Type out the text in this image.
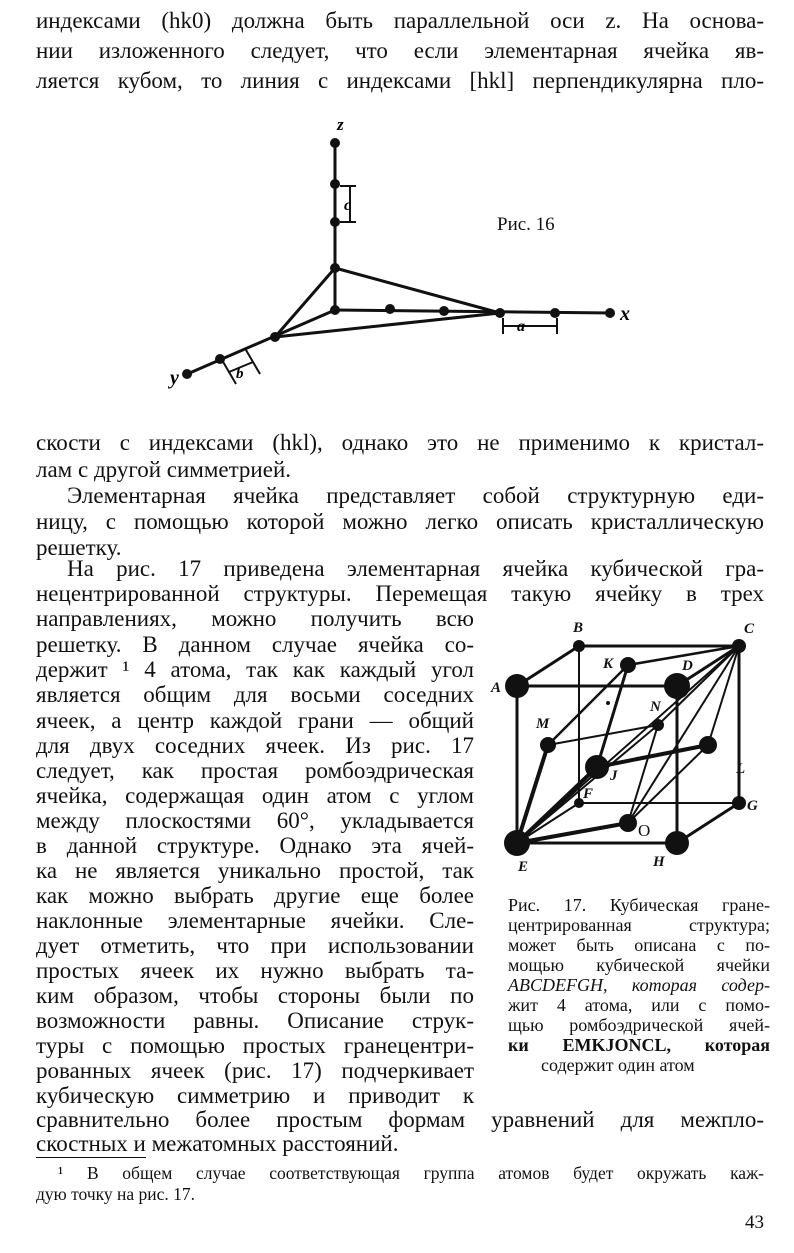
индексами (hk0) должна быть параллельной оси z. На основа-
нии изложенного следует, что если элементарная ячейка яв-
ляется кубом, то линия с индексами [hkl] перпендикулярна пло-
z
x
y
c
a
b
Рис. 16
скости с индексами (hkl), однако это не применимо к кристал-
лам с другой симметрией.
Элементарная ячейка представляет собой структурную еди-
ницу, с помощью которой можно легко описать кристаллическую
решетку.
На рис. 17 приведена элементарная ячейка кубической гра-
нецентрированной структуры. Перемещая такую ячейку в трех
направлениях, можно получить всю
решетку. В данном случае ячейка со-
держит ¹ 4 атома, так как каждый угол
является общим для восьми соседних
ячеек, а центр каждой грани — общий
для двух соседних ячеек. Из рис. 17
следует, как простая ромбоэдрическая
ячейка, содержащая один атом с углом
между плоскостями 60°, укладывается
в данной структуре. Однако эта ячей-
ка не является уникально простой, так
как можно выбрать другие еще более
наклонные элементарные ячейки. Сле-
дует отметить, что при использовании
простых ячеек их нужно выбрать та-
ким образом, чтобы стороны были по
возможности равны. Описание струк-
туры с помощью простых гранецентри-
рованных ячеек (рис. 17) подчеркивает
кубическую симметрию и приводит к
сравнительно более простым формам уравнений для межпло-
скостных и межатомных расстояний.
B	C
K	D
A
N
M
L
J
F
G
O
H
E
Рис. 17. Кубическая гране-
центрированная структура;
может быть описана с по-
мощью кубической ячейки
ABCDEFGH, которая содер-
жит 4 атома, или с помо-
щью ромбоэдрической ячей-
ки EMKJONCL, которая
содержит один атом
¹ В общем случае соответствующая группа атомов будет окружать каж-
дую точку на рис. 17.
43
